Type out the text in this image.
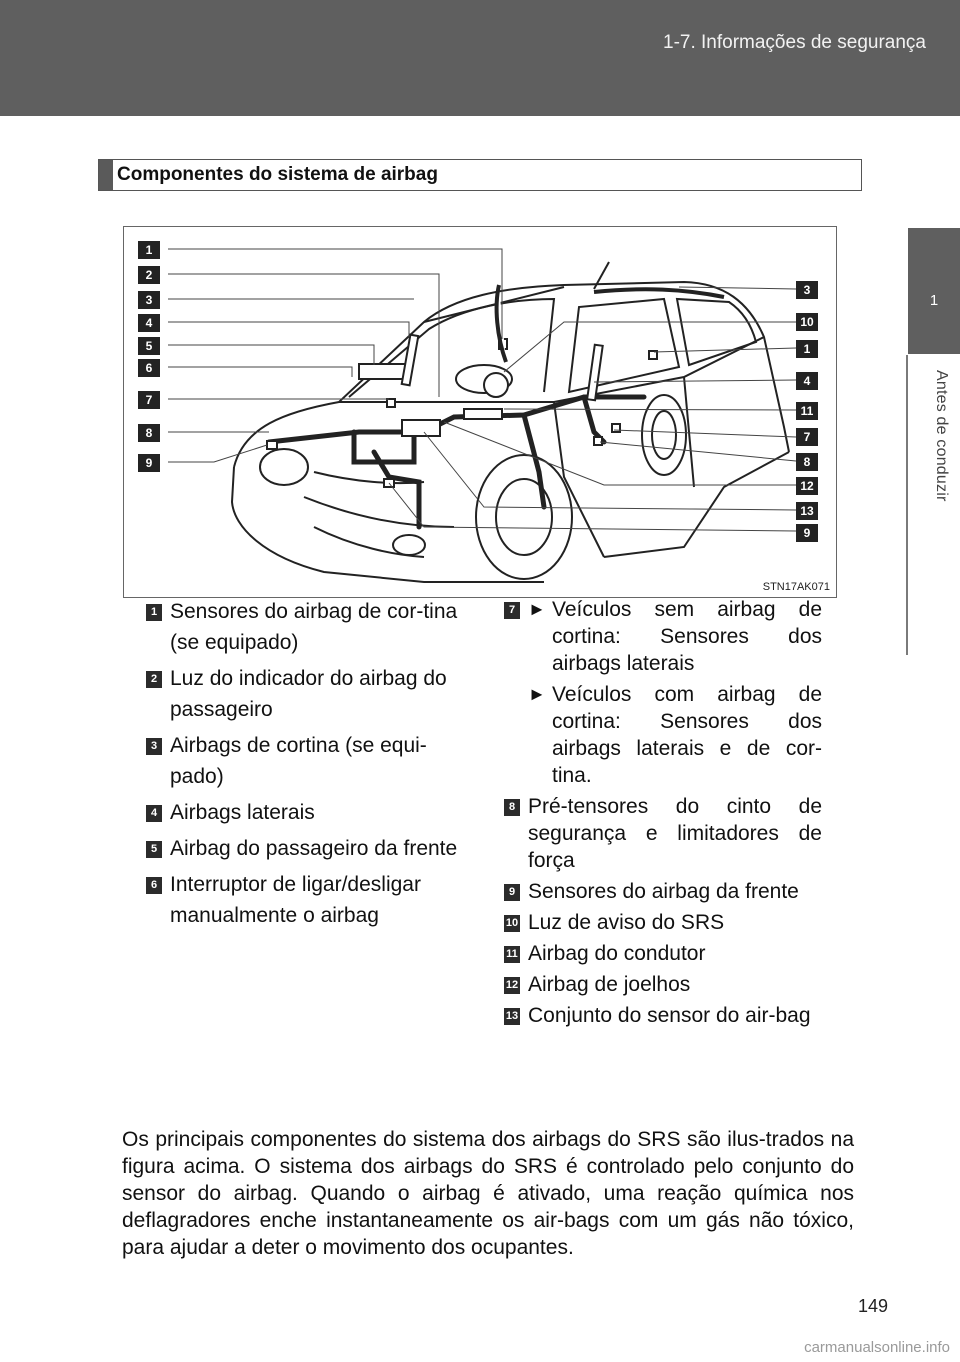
1-7. Informações de segurança
1
Antes de conduzir
Componentes do sistema de airbag
1
2
3
4
5
6
7
8
9
3
10
1
4
11
7
8
12
13
9
STN17AK071
1 Sensores do airbag de cor-tina (se equipado)
2 Luz do indicador do airbag do passageiro
3 Airbags de cortina (se equi-pado)
4 Airbags laterais
5 Airbag do passageiro da frente
6 Interruptor de ligar/desligar manualmente o airbag
7
►	Veículos sem airbag de cortina: Sensores dos airbags laterais
► Veículos com airbag de cortina: Sensores dos airbags laterais e de cor-tina.
8 Pré-tensores do cinto de segurança e limitadores de força
9 Sensores do airbag da frente
10 Luz de aviso do SRS
11 Airbag do condutor
12 Airbag de joelhos
13 Conjunto do sensor do air-bag
Os principais componentes do sistema dos airbags do SRS são ilus-trados na figura acima. O sistema dos airbags do SRS é controlado pelo conjunto do sensor do airbag. Quando o airbag é ativado, uma reação química nos deflagradores enche instantaneamente os air-bags com um gás não tóxico, para ajudar a deter o movimento dos ocupantes.
149
carmanualsonline.info
